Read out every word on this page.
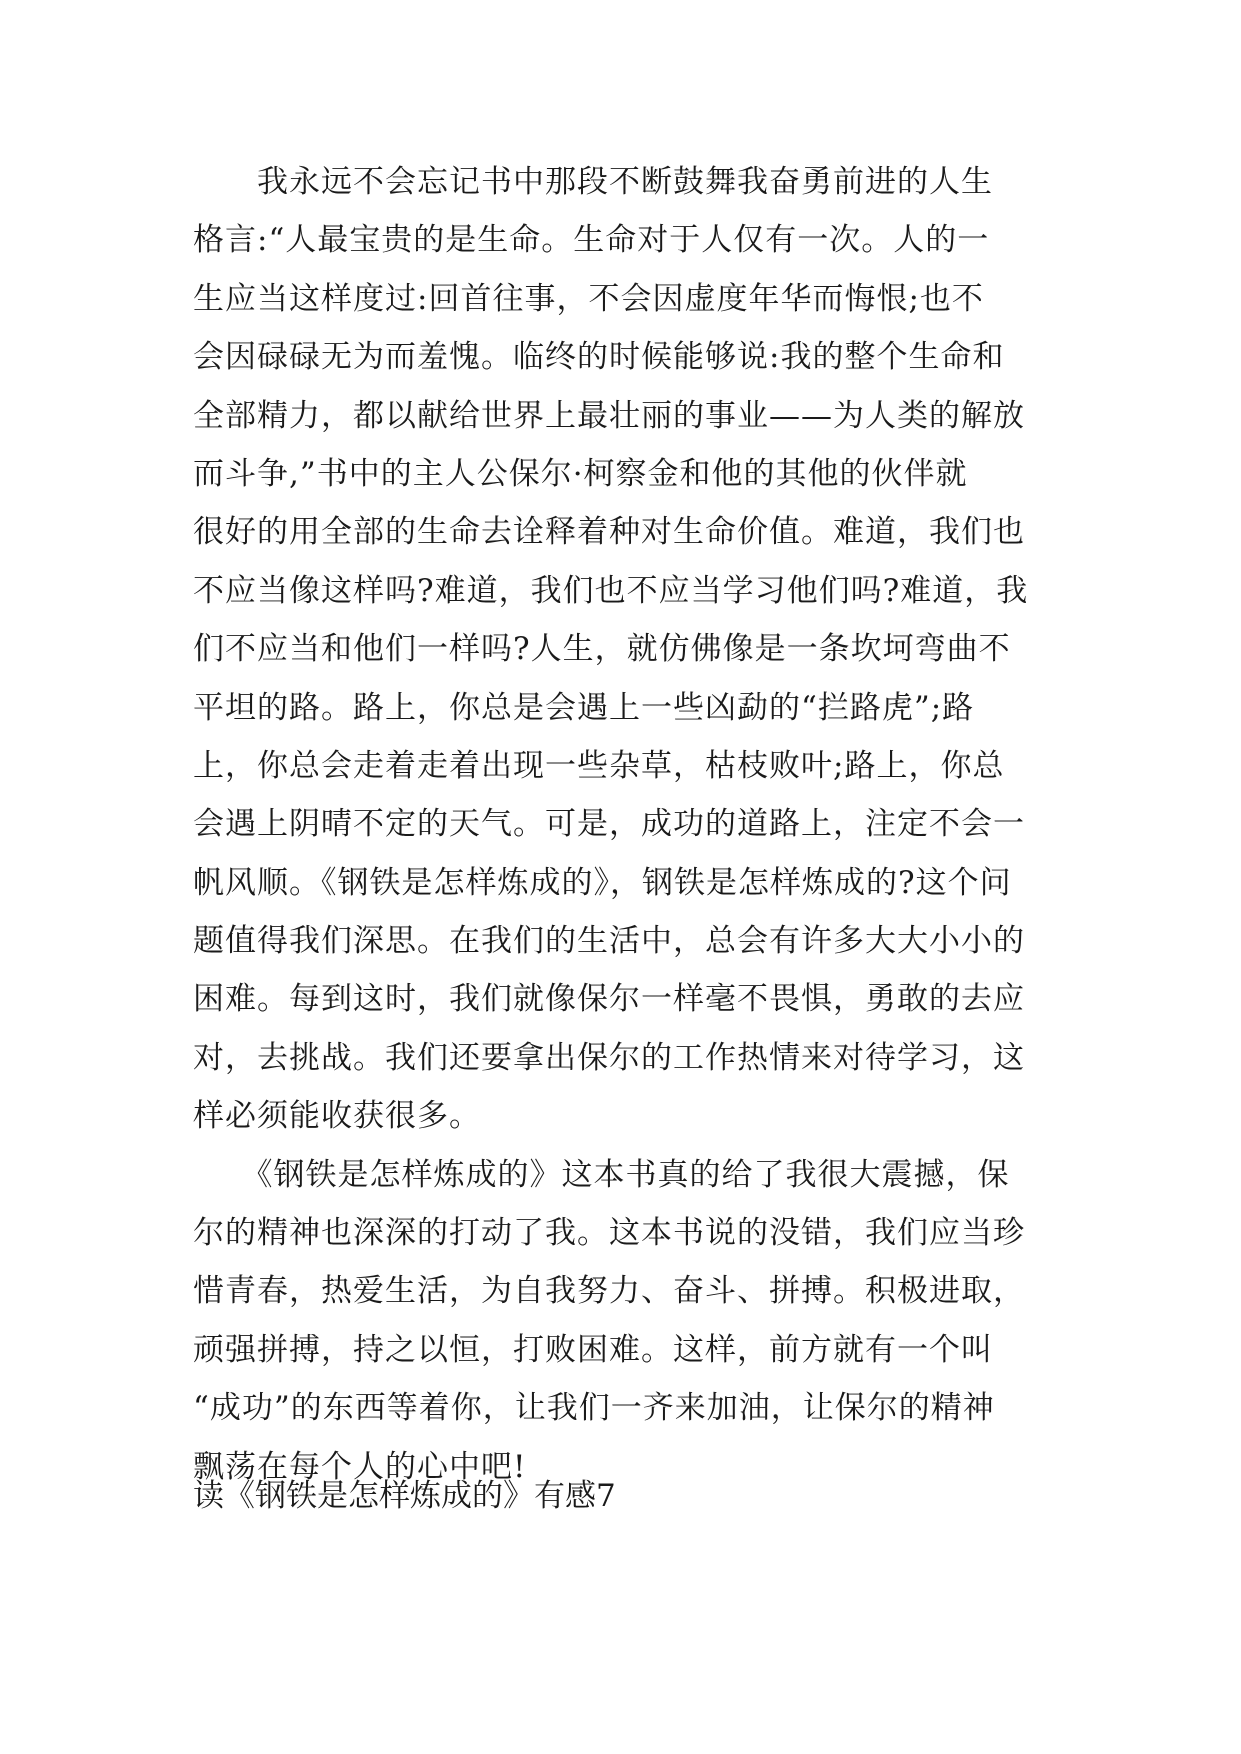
　　我永远不会忘记书中那段不断鼓舞我奋勇前进的人生
格言:“人最宝贵的是生命。生命对于人仅有一次。人的一
生应当这样度过:回首往事，不会因虚度年华而悔恨;也不
会因碌碌无为而羞愧。临终的时候能够说:我的整个生命和
全部精力，都以献给世界上最壮丽的事业——为人类的解放
而斗争,”书中的主人公保尔·柯察金和他的其他的伙伴就
很好的用全部的生命去诠释着种对生命价值。难道，我们也
不应当像这样吗?难道，我们也不应当学习他们吗?难道，我
们不应当和他们一样吗?人生，就仿佛像是一条坎坷弯曲不
平坦的路。路上，你总是会遇上一些凶勐的“拦路虎”;路
上，你总会走着走着出现一些杂草，枯枝败叶;路上，你总
会遇上阴晴不定的天气。可是，成功的道路上，注定不会一
帆风顺。《钢铁是怎样炼成的》，钢铁是怎样炼成的?这个问
题值得我们深思。在我们的生活中，总会有许多大大小小的
困难。每到这时，我们就像保尔一样毫不畏惧，勇敢的去应
对，去挑战。我们还要拿出保尔的工作热情来对待学习，这
样必须能收获很多。
　　《钢铁是怎样炼成的》这本书真的给了我很大震撼，保
尔的精神也深深的打动了我。这本书说的没错，我们应当珍
惜青春，热爱生活，为自我努力、奋斗、拼搏。积极进取，
顽强拼搏，持之以恒，打败困难。这样，前方就有一个叫
“成功”的东西等着你，让我们一齐来加油，让保尔的精神
飘荡在每个人的心中吧!
读《钢铁是怎样炼成的》有感7
